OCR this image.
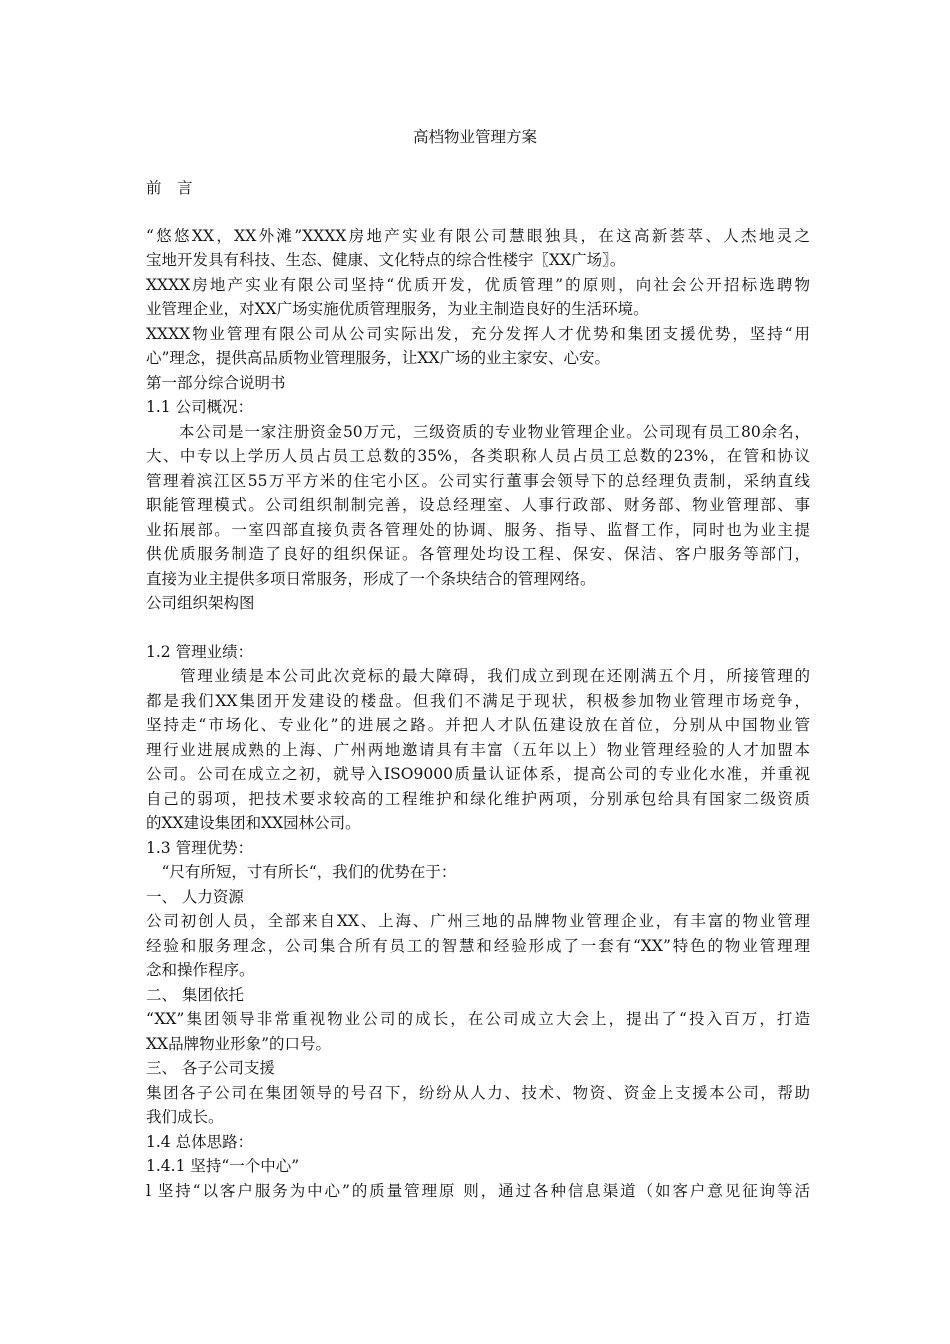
高档物业管理方案
前　言
“悠悠XX，XX外滩”XXXX房地产实业有限公司慧眼独具，在这高新荟萃、人杰地灵之
宝地开发具有科技、生态、健康、文化特点的综合性楼宇〖XX广场〗。
XXXX房地产实业有限公司坚持“优质开发，优质管理”的原则，向社会公开招标选聘物
业管理企业，对XX广场实施优质管理服务，为业主制造良好的生活环境。
XXXX物业管理有限公司从公司实际出发，充分发挥人才优势和集团支援优势，坚持“用
心”理念，提供高品质物业管理服务，让XX广场的业主家安、心安。
第一部分综合说明书
1.1 公司概况：
　　本公司是一家注册资金50万元，三级资质的专业物业管理企业。公司现有员工80余名，
大、中专以上学历人员占员工总数的35%，各类职称人员占员工总数的23%，在管和协议
管理着滨江区55万平方米的住宅小区。公司实行董事会领导下的总经理负责制，采纳直线
职能管理模式。公司组织制制完善，设总经理室、人事行政部、财务部、物业管理部、事
业拓展部。一室四部直接负责各管理处的协调、服务、指导、监督工作，同时也为业主提
供优质服务制造了良好的组织保证。各管理处均设工程、保安、保洁、客户服务等部门，
直接为业主提供多项日常服务，形成了一个条块结合的管理网络。
公司组织架构图
1.2 管理业绩：
　　管理业绩是本公司此次竞标的最大障碍，我们成立到现在还刚满五个月，所接管理的
都是我们XX集团开发建设的楼盘。但我们不满足于现状，积极参加物业管理市场竞争，
坚持走“市场化、专业化”的进展之路。并把人才队伍建设放在首位，分别从中国物业管
理行业进展成熟的上海、广州两地邀请具有丰富（五年以上）物业管理经验的人才加盟本
公司。公司在成立之初，就导入ISO9000质量认证体系，提高公司的专业化水准，并重视
自己的弱项，把技术要求较高的工程维护和绿化维护两项，分别承包给具有国家二级资质
的XX建设集团和XX园林公司。
1.3 管理优势：
　“尺有所短，寸有所长“，我们的优势在于：
一、 人力资源
公司初创人员，全部来自XX、上海、广州三地的品牌物业管理企业，有丰富的物业管理
经验和服务理念，公司集合所有员工的智慧和经验形成了一套有“XX”特色的物业管理理
念和操作程序。
二、 集团依托
“XX”集团领导非常重视物业公司的成长，在公司成立大会上，提出了“投入百万，打造
XX品牌物业形象”的口号。
三、 各子公司支援
集团各子公司在集团领导的号召下，纷纷从人力、技术、物资、资金上支援本公司，帮助
我们成长。
1.4 总体思路：
1.4.1 坚持“一个中心”
l 坚持“以客户服务为中心”的质量管理原 则，通过各种信息渠道（如客户意见征询等活
